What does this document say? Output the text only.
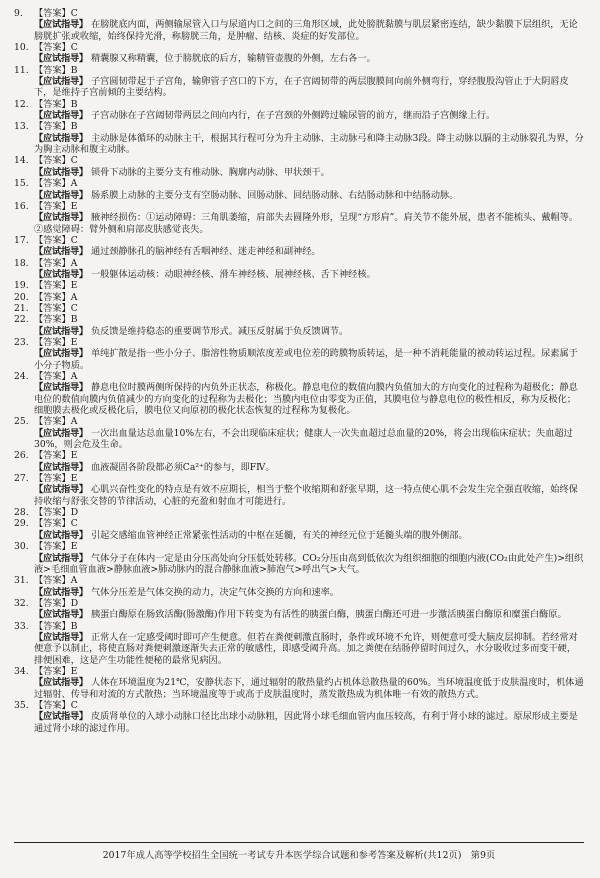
9.	【答案】C
【应试指导】 在膀胱底内面，两侧输尿管入口与尿道内口之间的三角形区域，此处膀胱黏膜与肌层紧密连结，缺少黏膜下层组织，无论膀胱扩张或收缩，始终保持光滑，称膀胱三角，是肿瘤、结核、炎症的好发部位。
10. 【答案】C
【应试指导】 精囊腺又称精囊，位于膀胱底的后方，输精管壶腹的外侧，左右各一。
11. 【答案】B
【应试指导】 子宫圆韧带起于子宫角，输卵管子宫口的下方，在子宫阔韧带的两层腹膜间向前外侧弯行，穿经腹股沟管止于大阴唇皮下，是维持子宫前倾的主要结构。
12. 【答案】B
【应试指导】 子宫动脉在子宫阔韧带两层之间向内行，在子宫颈的外侧跨过输尿管的前方，继而沿子宫侧缘上行。
13. 【答案】B
【应试指导】 主动脉是体循环的动脉主干，根据其行程可分为升主动脉、主动脉弓和降主动脉3段。降主动脉以膈的主动脉裂孔为界，分为胸主动脉和腹主动脉。
14. 【答案】C
【应试指导】 锁骨下动脉的主要分支有椎动脉、胸廓内动脉、甲状颈干。
15. 【答案】A
【应试指导】 肠系膜上动脉的主要分支有空肠动脉、回肠动脉、回结肠动脉、右结肠动脉和中结肠动脉。
16. 【答案】E
【应试指导】 腋神经损伤：①运动障碍：三角肌萎缩，肩部失去圆隆外形，呈现“方形肩”。肩关节不能外展，患者不能梳头、戴帽等。②感觉障碍：臂外侧和肩部皮肤感觉丧失。
17. 【答案】C
【应试指导】 通过颈静脉孔的脑神经有舌咽神经、迷走神经和副神经。
18. 【答案】A
【应试指导】 一般躯体运动核：动眼神经核、滑车神经核、展神经核、舌下神经核。
19. 【答案】E
20. 【答案】A
21. 【答案】C
22. 【答案】B
【应试指导】 负反馈是维持稳态的重要调节形式。减压反射属于负反馈调节。
23. 【答案】E
【应试指导】 单纯扩散是指一些小分子、脂溶性物质顺浓度差或电位差的跨膜物质转运，是一种不消耗能量的被动转运过程。尿素属于小分子物质。
24. 【答案】A
【应试指导】 静息电位时膜两侧所保持的内负外正状态，称极化。静息电位的数值向膜内负值加大的方向变化的过程称为超极化；静息电位的数值向膜内负值减少的方向变化的过程称为去极化；当膜内电位由零变为正值，其膜电位与静息电位的极性相反，称为反极化；细胞膜去极化或反极化后，膜电位又向原初的极化状态恢复的过程称为复极化。
25. 【答案】A
【应试指导】 一次出血量达总血量10%左右，不会出现临床症状；健康人一次失血超过总血量的20%，将会出现临床症状；失血超过30%，则会危及生命。
26. 【答案】E
【应试指导】 血液凝固各阶段都必须Ca²⁺的参与，即FⅣ。
27. 【答案】E
【应试指导】 心肌兴奋性变化的特点是有效不应期长，相当于整个收缩期和舒张早期，这一特点使心肌不会发生完全强直收缩，始终保持收缩与舒张交替的节律活动，心脏的充盈和射血才可能进行。
28. 【答案】D
29. 【答案】C
【应试指导】 引起交感缩血管神经正常紧张性活动的中枢在延髓，有关的神经元位于延髓头端的腹外侧部。
30. 【答案】E
【应试指导】 气体分子在体内一定是由分压高处向分压低处转移。CO₂分压由高到低依次为组织细胞的细胞内液(CO₂由此处产生)>组织液>毛细血管血液>静脉血液>肺动脉内的混合静脉血液>肺泡气>呼出气>大气。
31. 【答案】A
【应试指导】 气体分压差是气体交换的动力，决定气体交换的方向和速率。
32. 【答案】D
【应试指导】 胰蛋白酶原在肠致活酶(肠激酶)作用下转变为有活性的胰蛋白酶，胰蛋白酶还可进一步激活胰蛋白酶原和糜蛋白酶原。
33. 【答案】B
【应试指导】 正常人在一定感受阈时即可产生便意。但若在粪便刺激直肠时，条件或环境不允许，则便意可受大脑皮层抑制。若经常对便意予以制止，将使直肠对粪便刺激逐渐失去正常的敏感性，即感受阈升高。加之粪便在结肠停留时间过久，水分吸收过多而变干硬，排便困难，这是产生功能性便秘的最常见病因。
34. 【答案】E
【应试指导】 人体在环境温度为21℃，安静状态下，通过辐射的散热量约占机体总散热量的60%。当环境温度低于皮肤温度时，机体通过辐射、传导和对流的方式散热；当环境温度等于或高于皮肤温度时，蒸发散热成为机体唯一有效的散热方式。
35. 【答案】C
【应试指导】 皮质肾单位的入球小动脉口径比出球小动脉粗，因此肾小球毛细血管内血压较高，有利于肾小球的滤过。原尿形成主要是通过肾小球的滤过作用。
2017年成人高等学校招生全国统一考试专升本医学综合试题和参考答案及解析(共12页)　第9页
